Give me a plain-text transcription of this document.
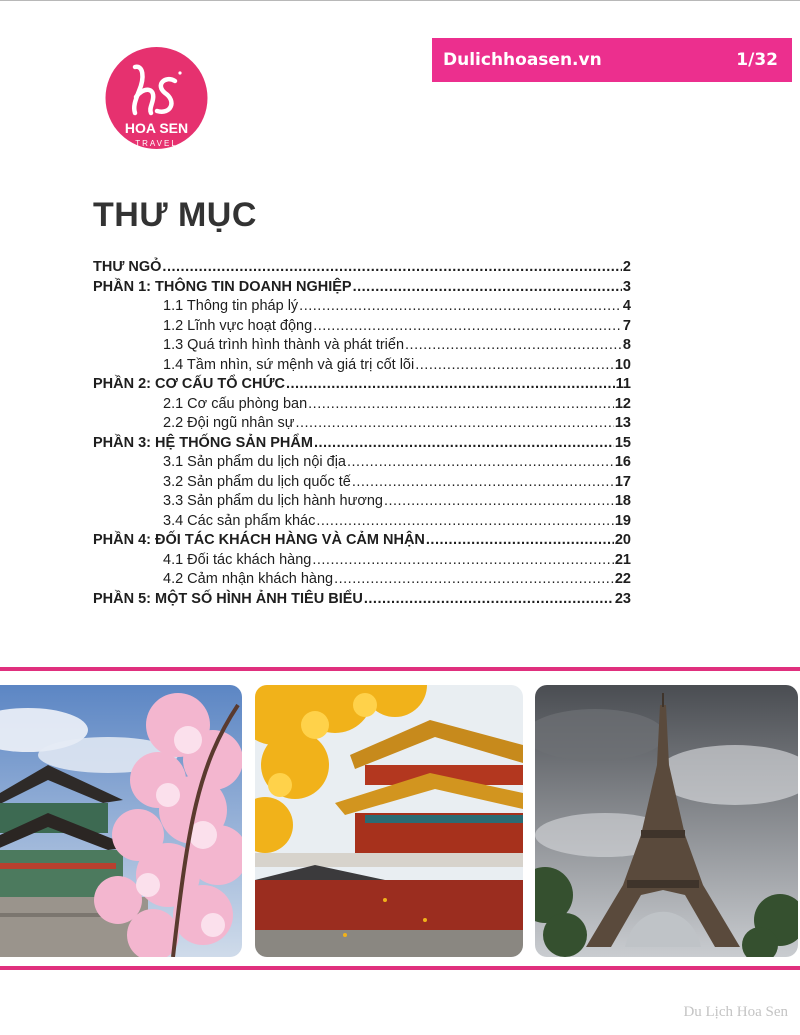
Dulichhoasen.vn	1/32
HOA SEN
TRAVEL
THƯ MỤC
THƯ NGỎ .....	2
PHẦN 1: THÔNG TIN DOANH NGHIỆP .....	3
1.1 Thông tin pháp lý .....	4
1.2 Lĩnh vực hoạt động .....	7
1.3 Quá trình hình thành và phát triển .....	8
1.4 Tầm nhìn, sứ mệnh và giá trị cốt lõi .....	10
PHẦN 2: CƠ CẤU TỔ CHỨC .....	11
2.1 Cơ cấu phòng ban .....	12
2.2 Đội ngũ nhân sự .....	13
PHẦN 3: HỆ THỐNG SẢN PHẨM .....	15
3.1 Sản phẩm du lịch nội địa .....	16
3.2 Sản phẩm du lịch quốc tế .....	17
3.3 Sản phẩm du lịch hành hương .....	18
3.4 Các sản phẩm khác .....	19
PHẦN 4: ĐỐI TÁC KHÁCH HÀNG VÀ CẢM NHẬN .....	20
4.1 Đối tác khách hàng .....	21
4.2 Cảm nhận khách hàng .....	22
PHẦN 5: MỘT SỐ HÌNH ẢNH TIÊU BIỂU .....	23
Du Lịch Hoa Sen
